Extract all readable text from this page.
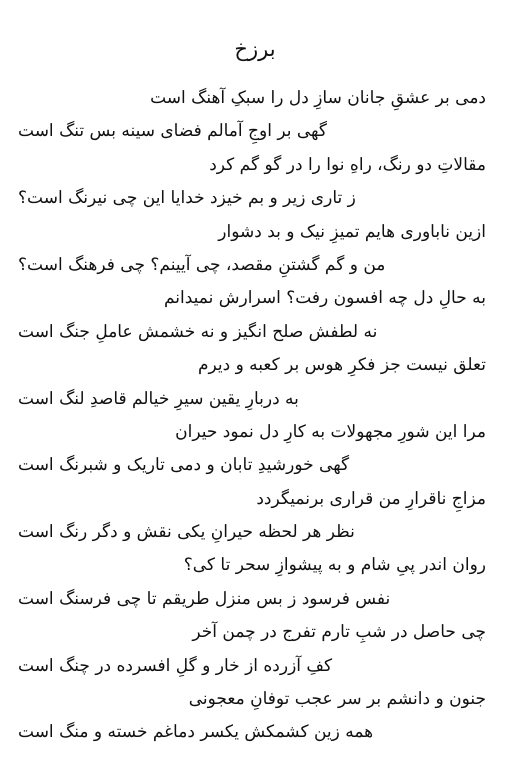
برزخ
دمی بر عشقِ جانان سازِ دل را سبکِ آهنگ است
گهی بر اوجِ آمالم فضای سینه بس تنگ است
مقالاتِ دو رنگ، راهِ نوا را در گو گم کرد
ز تاری زیر و بم خیزد خدایا این چی نیرنگ است؟
ازین ناباوری هایم تمیزِ نیک و بد دشوار
من و گم گشتنِ مقصد، چی آیینم؟ چی فرهنگ است؟
به حالِ دل چه افسون رفت؟ اسرارش نمیدانم
نه لطفش صلح انگیز و نه خشمش عاملِ جنگ است
تعلق نیست جز فکرِ هوس بر کعبه و دیرم
به دربارِ یقین سیرِ خیالم قاصدِ لنگ است
مرا این شورِ مجهولات به کارِ دل نمود حیران
گهی خورشیدِ تابان و دمی تاریک و شبرنگ است
مزاجِ ناقرارِ من قراری برنمیگردد
نظر هر لحظه حیرانِ یکی نقش و دگر رنگ است
روان اندر پیِ شام و به پیشوازِ سحر تا کی؟
نفس فرسود ز بس منزل طریقم تا چی فرسنگ است
چی حاصل در شبِ تارم تفرج در چمن آخر
کفِ آزرده از خار و گلِ افسرده در چنگ است
جنون و دانشم بر سر عجب توفانِ معجونی
همه زین کشمکش یکسر دماغم خسته و منگ است
